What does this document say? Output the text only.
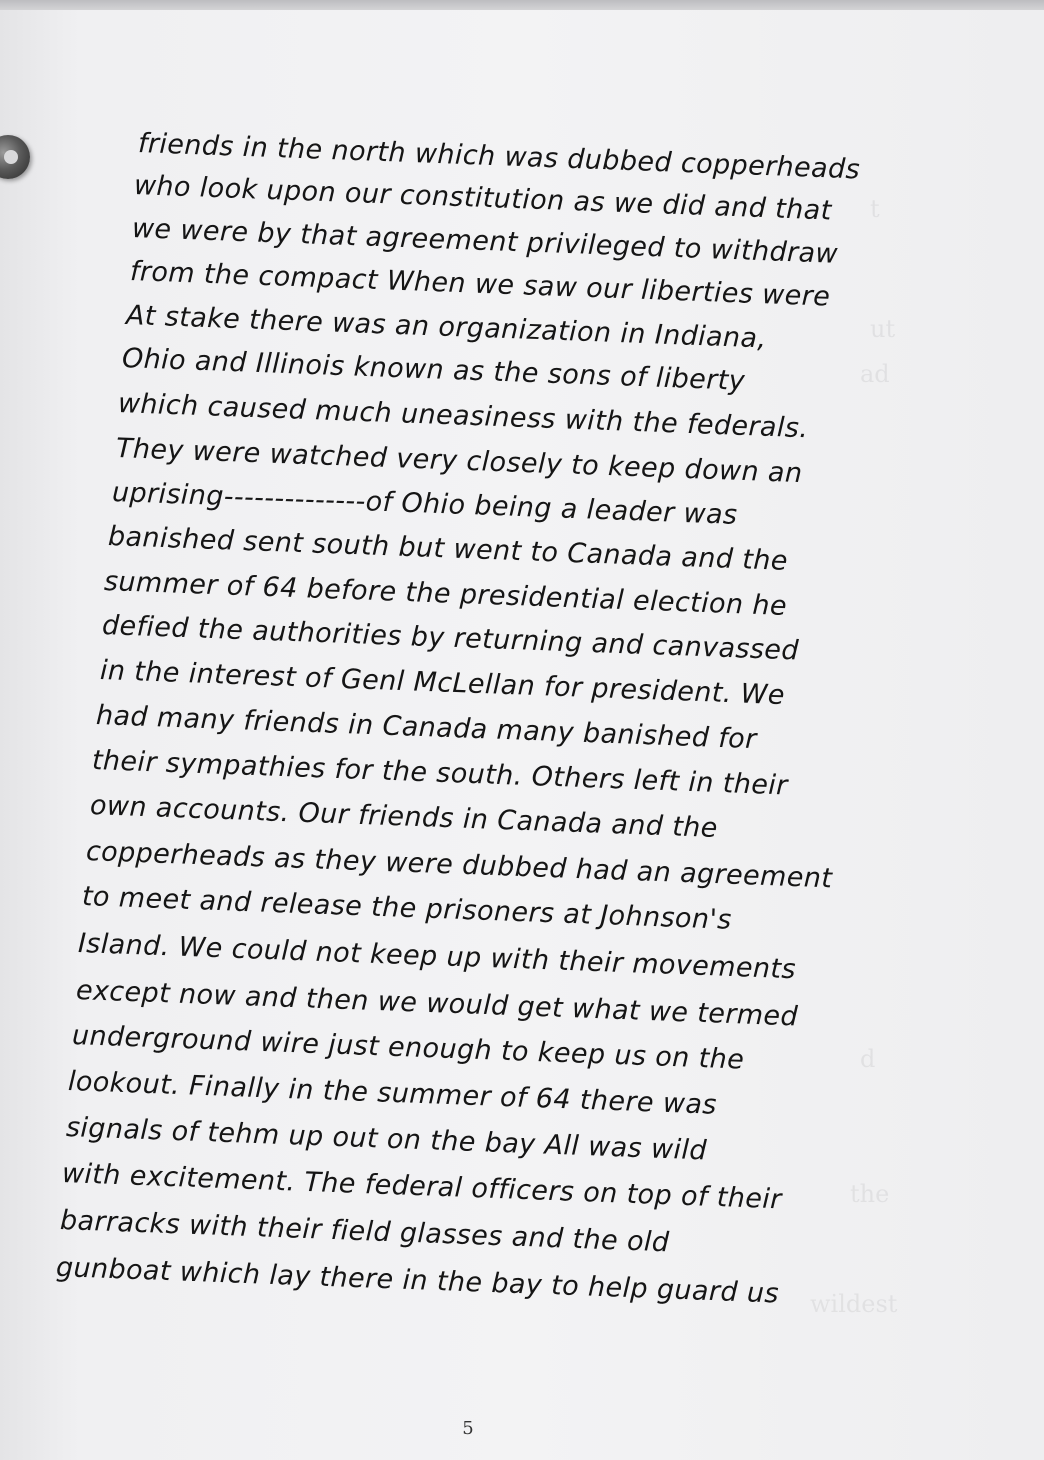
t
ut
ad
d
the
wildest

friends in the north which was dubbed copperheads

who look upon our constitution as we did and that

we were by that agreement privileged to withdraw

from the compact When we saw our liberties were

At stake there was an organization in Indiana,

Ohio and Illinois known as the sons of liberty

which caused much uneasiness with the federals.

They were watched very closely to keep down an

uprising--------------of Ohio being a leader was

banished sent south but went to Canada and the

summer of 64 before the presidential election he

defied the authorities by returning and canvassed

in the interest of Genl McLellan for president. We

had many friends in Canada many banished for

their sympathies for the south. Others left in their

own accounts. Our friends in Canada and the

copperheads as they were dubbed had an agreement

to meet and release the prisoners at Johnson's

Island. We could not keep up with their movements

except now and then we would get what we termed

underground wire just enough to keep us on the

lookout. Finally in the summer of 64 there was

signals of tehm up out on the bay All was wild

with excitement. The federal officers on top of their

barracks with their field glasses and the old

gunboat which lay there in the bay to help guard us

5
